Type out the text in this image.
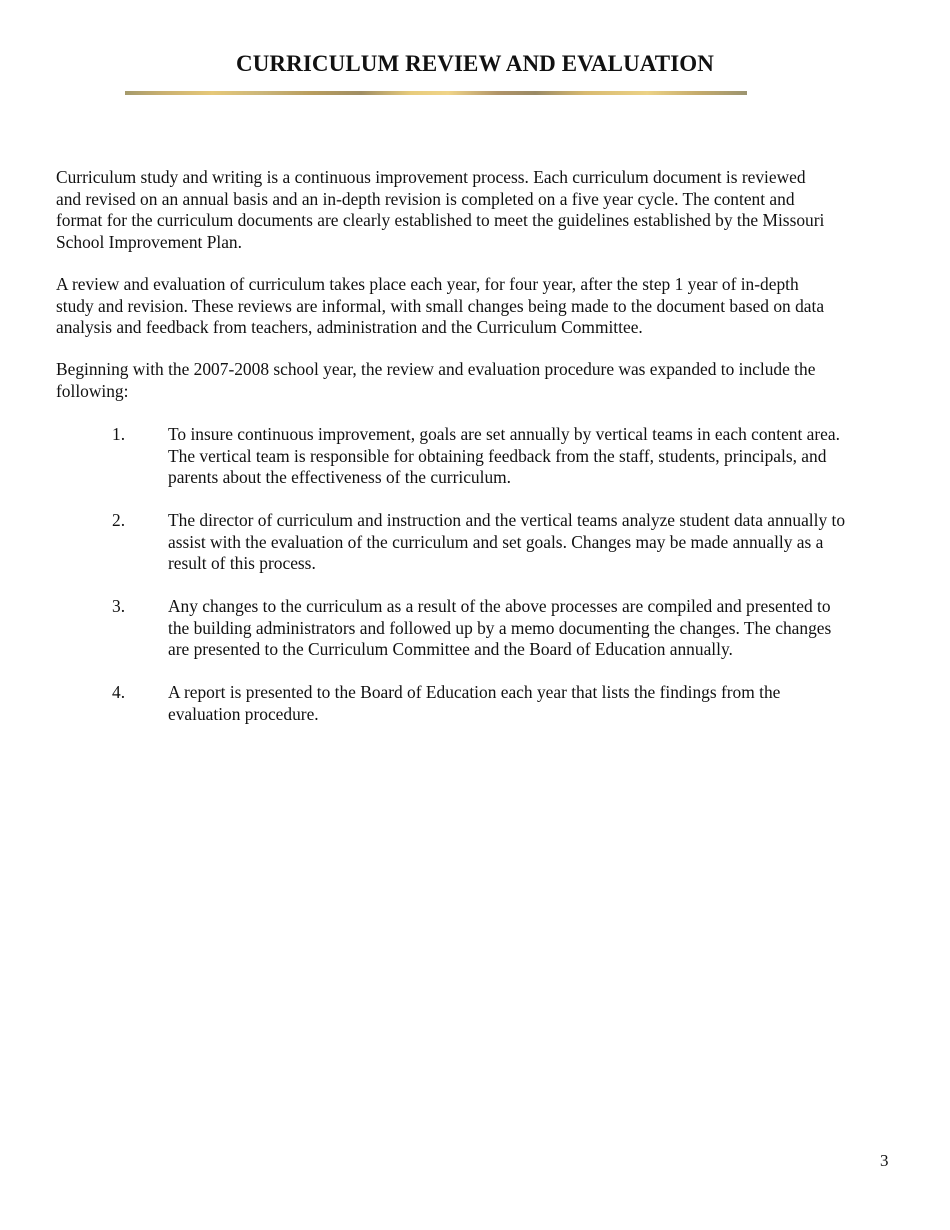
CURRICULUM REVIEW AND EVALUATION

Curriculum study and writing is a continuous improvement process. Each curriculum document is reviewed
and revised on an annual basis and an in-depth revision is completed on a five year cycle. The content and
format for the curriculum documents are clearly established to meet the guidelines established by the Missouri
School Improvement Plan.

A review and evaluation of curriculum takes place each year, for four year, after the step 1 year of in-depth
study and revision. These reviews are informal, with small changes being made to the document based on data
analysis and feedback from teachers, administration and the Curriculum Committee.

Beginning with the 2007-2008 school year, the review and evaluation procedure was expanded to include the
following:

1. To insure continuous improvement, goals are set annually by vertical teams in each content area.
The vertical team is responsible for obtaining feedback from the staff, students, principals, and
parents about the effectiveness of the curriculum.
2. The director of curriculum and instruction and the vertical teams analyze student data annually to
assist with the evaluation of the curriculum and set goals. Changes may be made annually as a
result of this process.
3. Any changes to the curriculum as a result of the above processes are compiled and presented to
the building administrators and followed up by a memo documenting the changes. The changes
are presented to the Curriculum Committee and the Board of Education annually.
4. A report is presented to the Board of Education each year that lists the findings from the
evaluation procedure.
3
